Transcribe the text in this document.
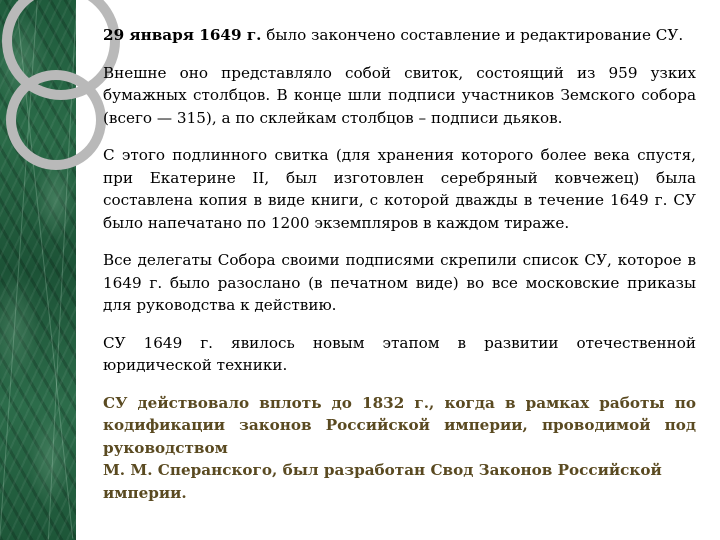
29 января 1649 г. было закончено составление и редактирование СУ.

Внешне оно представляло собой свиток, состоящий из 959 узких бумажных столбцов. В конце шли подписи участников Земского собора (всего — 315), а по склейкам столбцов – подписи дьяков.

С этого подлинного свитка (для хранения которого более века спустя, при Екатерине II, был изготовлен серебряный ковчежец) была составлена копия в виде книги, с которой дважды в течение 1649 г. СУ было напечатано по 1200 экземпляров в каждом тираже.

Все делегаты Собора своими подписями скрепили список СУ, которое в 1649 г. было разослано (в печатном виде) во все московские приказы для руководства к действию.

СУ 1649 г. явилось новым этапом в развитии отечественной юридической техники.

СУ действовало вплоть до 1832 г., когда в рамках работы по кодификации законов Российской империи, проводимой под руководством

М. М. Сперанского, был разработан Свод Законов Российской империи.
